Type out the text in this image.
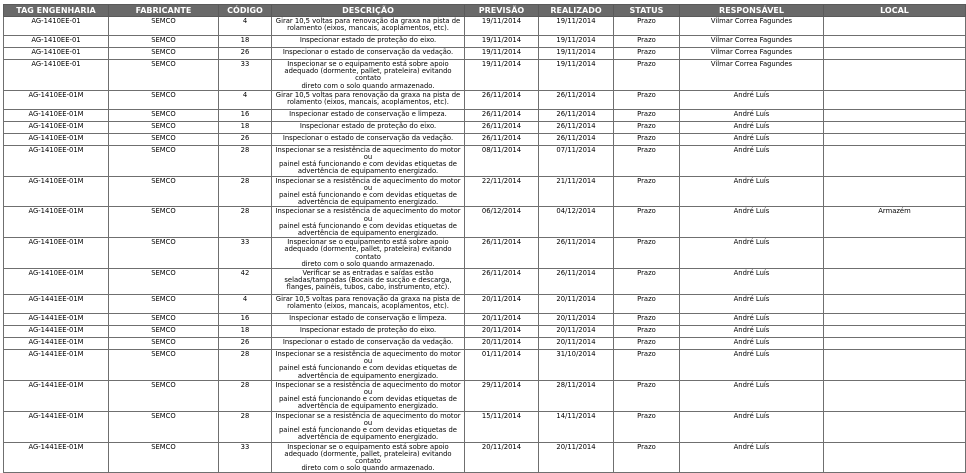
TAG ENGENHARIA	FABRICANTE	CÓDIGO	DESCRIÇÃO	PREVISÃO	REALIZADO	STATUS	RESPONSÁVEL	LOCAL
AG-1410EE-01	SEMCO	4	Girar 10,5 voltas para renovação da graxa na pista de
rolamento (eixos, mancais, acoplamentos, etc).	19/11/2014	19/11/2014	Prazo	Vilmar Correa Fagundes	
AG-1410EE-01	SEMCO	18	Inspecionar estado de proteção do eixo.	19/11/2014	19/11/2014	Prazo	Vilmar Correa Fagundes	
AG-1410EE-01	SEMCO	26	Inspecionar o estado de conservação da vedação.	19/11/2014	19/11/2014	Prazo	Vilmar Correa Fagundes	
AG-1410EE-01	SEMCO	33	Inspecionar se o equipamento está sobre apoio
adequado (dormente, pallet, prateleira) evitando contato
direto com o solo quando armazenado.	19/11/2014	19/11/2014	Prazo	Vilmar Correa Fagundes	
AG-1410EE-01M	SEMCO	4	Girar 10,5 voltas para renovação da graxa na pista de
rolamento (eixos, mancais, acoplamentos, etc).	26/11/2014	26/11/2014	Prazo	André Luís	
AG-1410EE-01M	SEMCO	16	Inspecionar estado de conservação e limpeza.	26/11/2014	26/11/2014	Prazo	André Luís	
AG-1410EE-01M	SEMCO	18	Inspecionar estado de proteção do eixo.	26/11/2014	26/11/2014	Prazo	André Luís	
AG-1410EE-01M	SEMCO	26	Inspecionar o estado de conservação da vedação.	26/11/2014	26/11/2014	Prazo	André Luís	
AG-1410EE-01M	SEMCO	28	Inspecionar se a resistência de aquecimento do motor ou
painel está funcionando e com devidas etiquetas de
advertência de equipamento energizado.	08/11/2014	07/11/2014	Prazo	André Luís	
AG-1410EE-01M	SEMCO	28	Inspecionar se a resistência de aquecimento do motor ou
painel está funcionando e com devidas etiquetas de
advertência de equipamento energizado.	22/11/2014	21/11/2014	Prazo	André Luís	
AG-1410EE-01M	SEMCO	28	Inspecionar se a resistência de aquecimento do motor ou
painel está funcionando e com devidas etiquetas de
advertência de equipamento energizado.	06/12/2014	04/12/2014	Prazo	André Luís	Armazém
AG-1410EE-01M	SEMCO	33	Inspecionar se o equipamento está sobre apoio
adequado (dormente, pallet, prateleira) evitando contato
direto com o solo quando armazenado.	26/11/2014	26/11/2014	Prazo	André Luís	
AG-1410EE-01M	SEMCO	42	Verificar se as entradas e saídas estão
seladas/tampadas (Bocais de sucção e descarga,
flanges, painéis, tubos, cabo, instrumento, etc).	26/11/2014	26/11/2014	Prazo	André Luís	
AG-1441EE-01M	SEMCO	4	Girar 10,5 voltas para renovação da graxa na pista de
rolamento (eixos, mancais, acoplamentos, etc).	20/11/2014	20/11/2014	Prazo	André Luís	
AG-1441EE-01M	SEMCO	16	Inspecionar estado de conservação e limpeza.	20/11/2014	20/11/2014	Prazo	André Luís	
AG-1441EE-01M	SEMCO	18	Inspecionar estado de proteção do eixo.	20/11/2014	20/11/2014	Prazo	André Luís	
AG-1441EE-01M	SEMCO	26	Inspecionar o estado de conservação da vedação.	20/11/2014	20/11/2014	Prazo	André Luís	
AG-1441EE-01M	SEMCO	28	Inspecionar se a resistência de aquecimento do motor ou
painel está funcionando e com devidas etiquetas de
advertência de equipamento energizado.	01/11/2014	31/10/2014	Prazo	André Luís	
AG-1441EE-01M	SEMCO	28	Inspecionar se a resistência de aquecimento do motor ou
painel está funcionando e com devidas etiquetas de
advertência de equipamento energizado.	29/11/2014	28/11/2014	Prazo	André Luís	
AG-1441EE-01M	SEMCO	28	Inspecionar se a resistência de aquecimento do motor ou
painel está funcionando e com devidas etiquetas de
advertência de equipamento energizado.	15/11/2014	14/11/2014	Prazo	André Luís	
AG-1441EE-01M	SEMCO	33	Inspecionar se o equipamento está sobre apoio
adequado (dormente, pallet, prateleira) evitando contato
direto com o solo quando armazenado.	20/11/2014	20/11/2014	Prazo	André Luís	
